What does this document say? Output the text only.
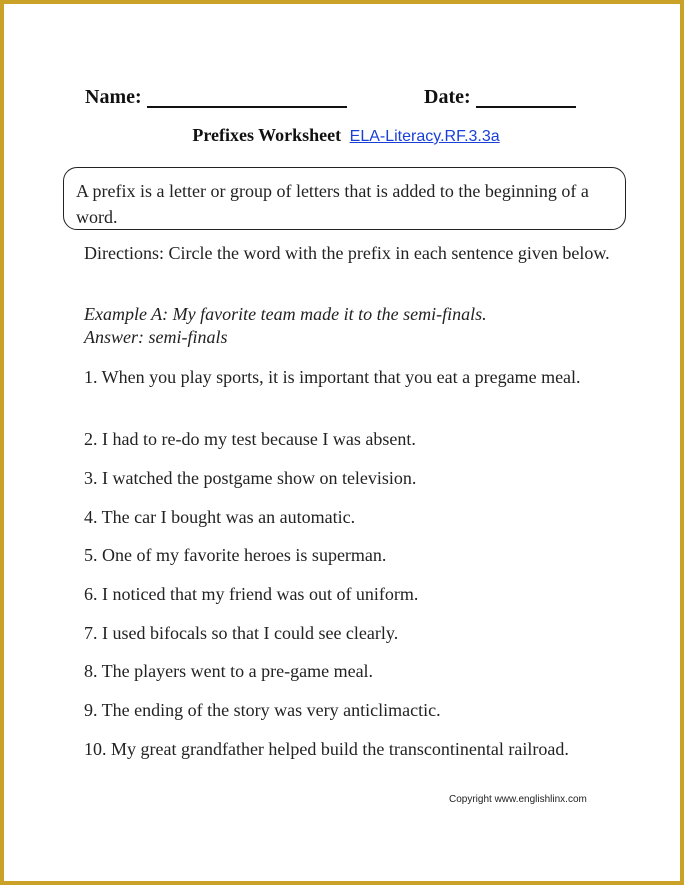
Name:	Date:
Prefixes Worksheet ELA-Literacy.RF.3.3a
A prefix is a letter or group of letters that is added to the beginning of a word.
Directions: Circle the word with the prefix in each sentence given below.
Example A: My favorite team made it to the semi-finals.
Answer: semi-finals
1. When you play sports, it is important that you eat a pregame meal.
2. I had to re-do my test because I was absent.
3. I watched the postgame show on television.
4. The car I bought was an automatic.
5. One of my favorite heroes is superman.
6. I noticed that my friend was out of uniform.
7. I used bifocals so that I could see clearly.
8. The players went to a pre-game meal.
9. The ending of the story was very anticlimactic.
10. My great grandfather helped build the transcontinental railroad.
Copyright www.englishlinx.com
